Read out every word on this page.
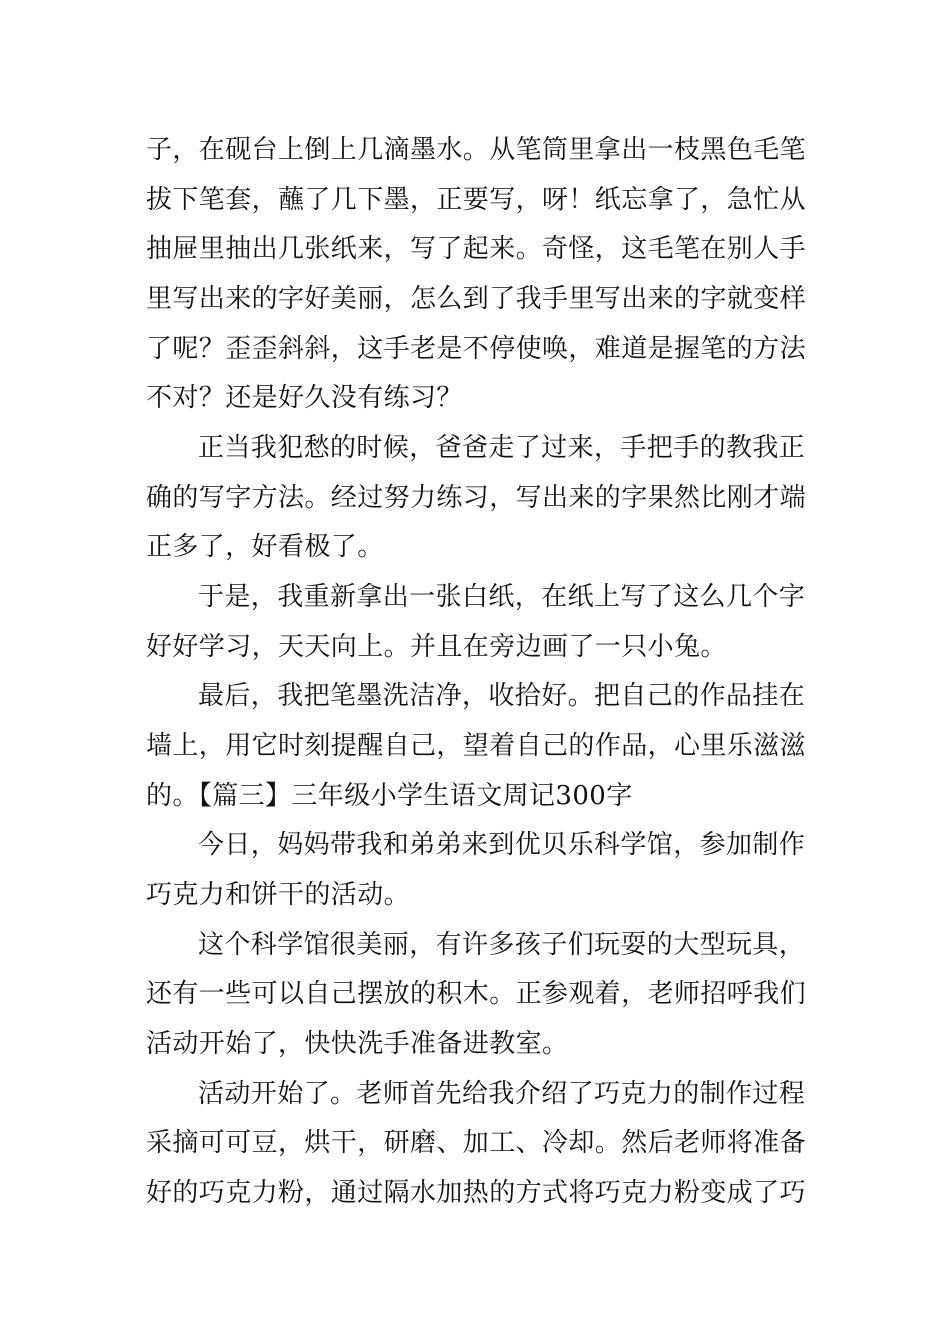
子，在砚台上倒上几滴墨水。从笔筒里拿出一枝黑色毛笔
拔下笔套，蘸了几下墨，正要写，呀！纸忘拿了，急忙从
抽屉里抽出几张纸来，写了起来。奇怪，这毛笔在别人手
里写出来的字好美丽，怎么到了我手里写出来的字就变样
了呢？歪歪斜斜，这手老是不停使唤，难道是握笔的方法
不对？还是好久没有练习？
正当我犯愁的时候，爸爸走了过来，手把手的教我正
确的写字方法。经过努力练习，写出来的字果然比刚才端
正多了，好看极了。
于是，我重新拿出一张白纸，在纸上写了这么几个字
好好学习，天天向上。并且在旁边画了一只小兔。
最后，我把笔墨洗洁净，收拾好。把自己的作品挂在
墙上，用它时刻提醒自己，望着自己的作品，心里乐滋滋
的。【篇三】三年级小学生语文周记300字
今日，妈妈带我和弟弟来到优贝乐科学馆，参加制作
巧克力和饼干的活动。
这个科学馆很美丽，有许多孩子们玩耍的大型玩具，
还有一些可以自己摆放的积木。正参观着，老师招呼我们
活动开始了，快快洗手准备进教室。
活动开始了。老师首先给我介绍了巧克力的制作过程
采摘可可豆，烘干，研磨、加工、冷却。然后老师将准备
好的巧克力粉，通过隔水加热的方式将巧克力粉变成了巧
